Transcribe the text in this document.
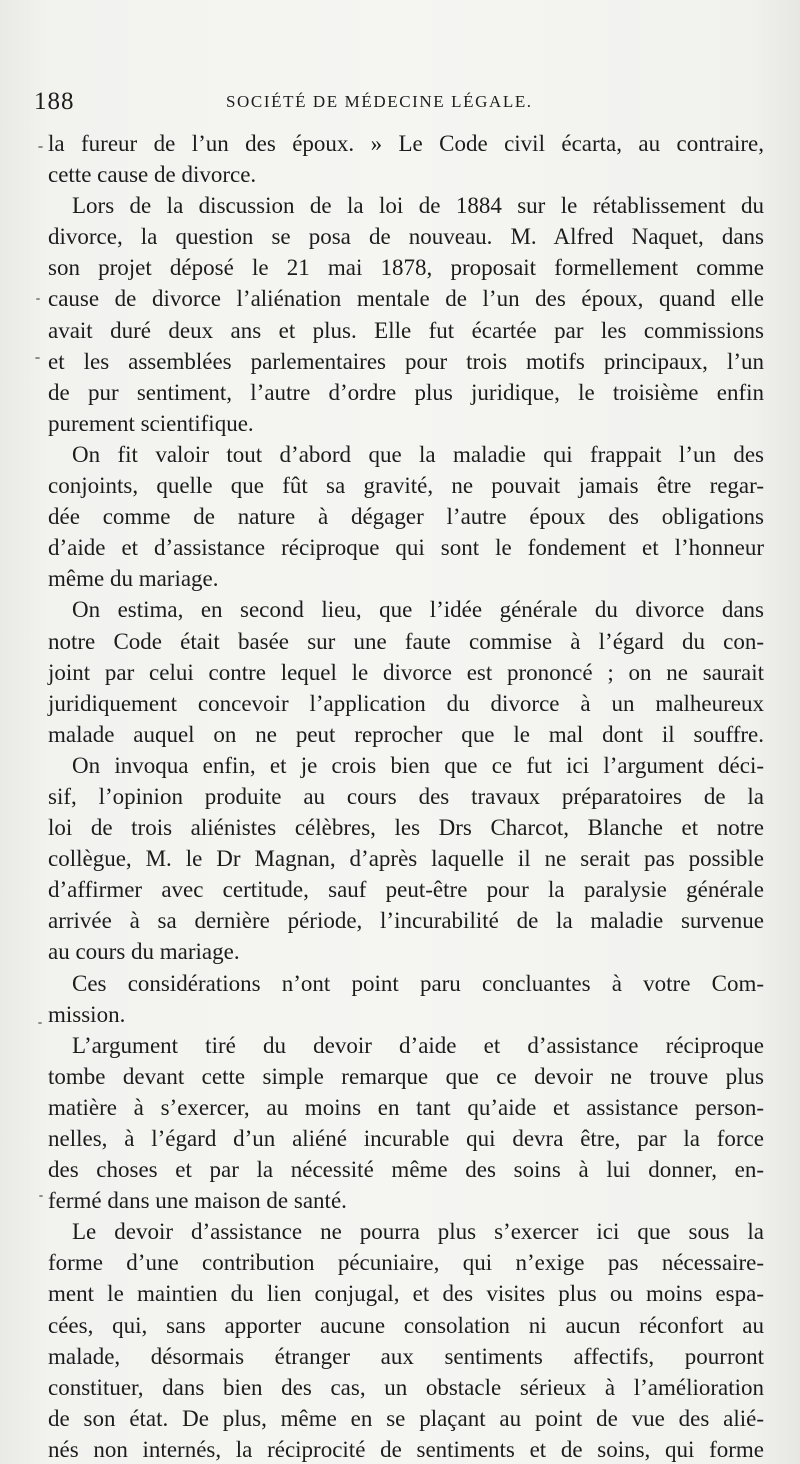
188	SOCIÉTÉ DE MÉDECINE LÉGALE.
la fureur de l’un des époux. » Le Code civil écarta, au contraire,
cette cause de divorce.
Lors de la discussion de la loi de 1884 sur le rétablissement du
divorce, la question se posa de nouveau. M. Alfred Naquet, dans
son projet déposé le 21 mai 1878, proposait formellement comme
cause de divorce l’aliénation mentale de l’un des époux, quand elle
avait duré deux ans et plus. Elle fut écartée par les commissions
et les assemblées parlementaires pour trois motifs principaux, l’un
de pur sentiment, l’autre d’ordre plus juridique, le troisième enfin
purement scientifique.
On fit valoir tout d’abord que la maladie qui frappait l’un des
conjoints, quelle que fût sa gravité, ne pouvait jamais être regar-
dée comme de nature à dégager l’autre époux des obligations
d’aide et d’assistance réciproque qui sont le fondement et l’honneur
même du mariage.
On estima, en second lieu, que l’idée générale du divorce dans
notre Code était basée sur une faute commise à l’égard du con-
joint par celui contre lequel le divorce est prononcé ; on ne saurait
juridiquement concevoir l’application du divorce à un malheureux
malade auquel on ne peut reprocher que le mal dont il souffre.
On invoqua enfin, et je crois bien que ce fut ici l’argument déci-
sif, l’opinion produite au cours des travaux préparatoires de la
loi de trois aliénistes célèbres, les Drs Charcot, Blanche et notre
collègue, M. le Dr Magnan, d’après laquelle il ne serait pas possible
d’affirmer avec certitude, sauf peut-être pour la paralysie générale
arrivée à sa dernière période, l’incurabilité de la maladie survenue
au cours du mariage.
Ces considérations n’ont point paru concluantes à votre Com-
mission.
L’argument tiré du devoir d’aide et d’assistance réciproque
tombe devant cette simple remarque que ce devoir ne trouve plus
matière à s’exercer, au moins en tant qu’aide et assistance person-
nelles, à l’égard d’un aliéné incurable qui devra être, par la force
des choses et par la nécessité même des soins à lui donner, en-
fermé dans une maison de santé.
Le devoir d’assistance ne pourra plus s’exercer ici que sous la
forme d’une contribution pécuniaire, qui n’exige pas nécessaire-
ment le maintien du lien conjugal, et des visites plus ou moins espa-
cées, qui, sans apporter aucune consolation ni aucun réconfort au
malade, désormais étranger aux sentiments affectifs, pourront
constituer, dans bien des cas, un obstacle sérieux à l’amélioration
de son état. De plus, même en se plaçant au point de vue des alié-
nés non internés, la réciprocité de sentiments et de soins, qui forme
